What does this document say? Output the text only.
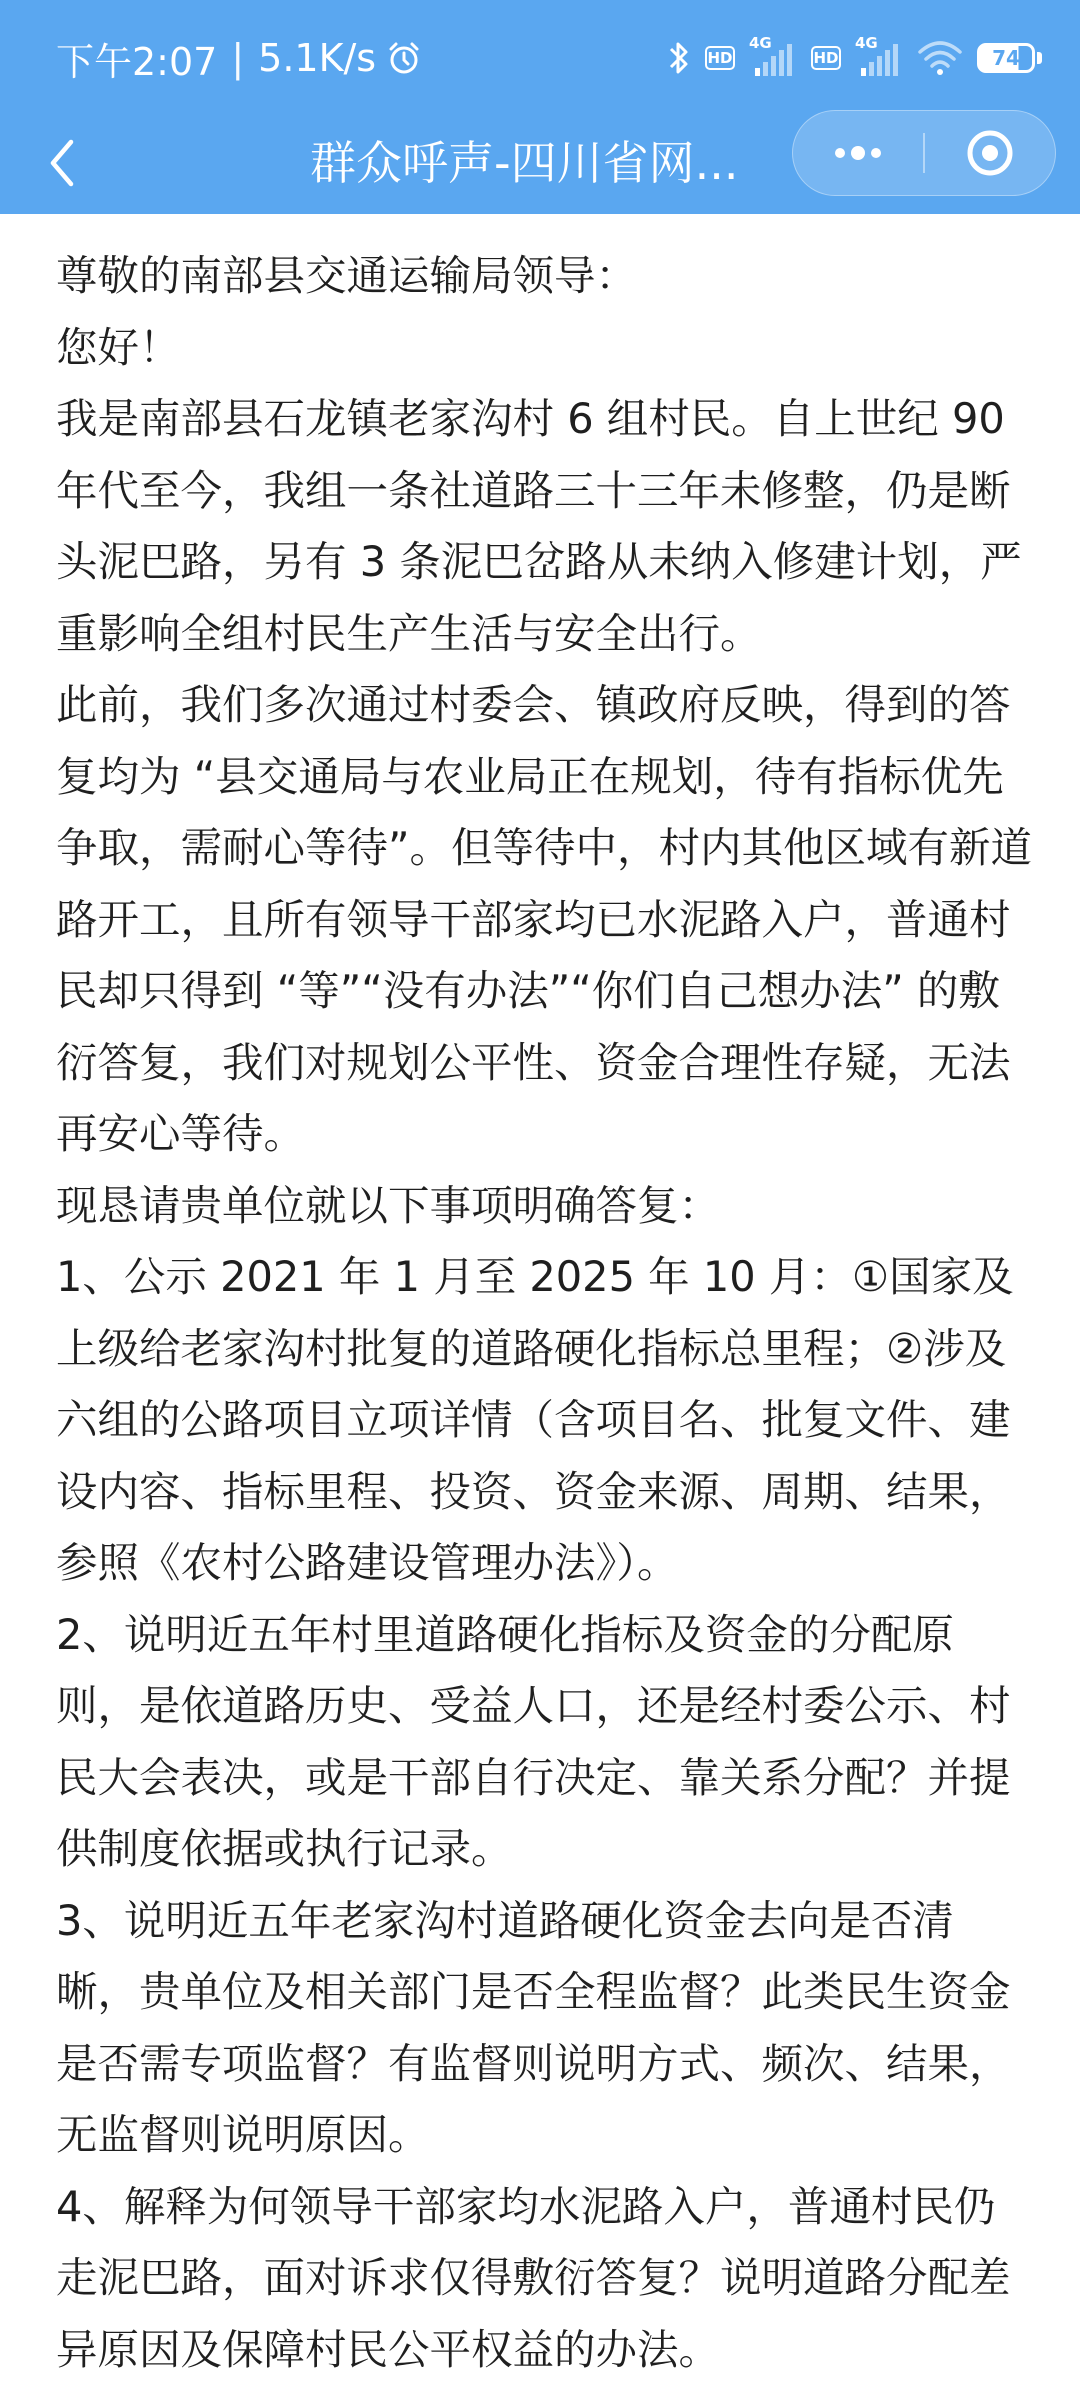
下午2:07 | 5.1K/s	HD
4G
HD
4G
74
群众呼声-四川省网...

尊敬的南部县交通运输局领导：

您好！

我是南部县石龙镇老家沟村 6 组村民。自上世纪 90 年代至今，我组一条社道路三十三年未修整，仍是断头泥巴路，另有 3 条泥巴岔路从未纳入修建计划，严重影响全组村民生产生活与安全出行。

此前，我们多次通过村委会、镇政府反映，得到的答复均为 “县交通局与农业局正在规划，待有指标优先争取，需耐心等待”。但等待中，村内其他区域有新道路开工，且所有领导干部家均已水泥路入户，普通村民却只得到 “等”“没有办法”“你们自己想办法” 的敷衍答复，我们对规划公平性、资金合理性存疑，无法再安心等待。

现恳请贵单位就以下事项明确答复：

1、公示 2021 年 1 月至 2025 年 10 月：①国家及上级给老家沟村批复的道路硬化指标总里程；②涉及六组的公路项目立项详情（含项目名、批复文件、建设内容、指标里程、投资、资金来源、周期、结果，参照《农村公路建设管理办法》）。

2、说明近五年村里道路硬化指标及资金的分配原则，是依道路历史、受益人口，还是经村委公示、村民大会表决，或是干部自行决定、靠关系分配？并提供制度依据或执行记录。

3、说明近五年老家沟村道路硬化资金去向是否清晰，贵单位及相关部门是否全程监督？此类民生资金是否需专项监督？有监督则说明方式、频次、结果，无监督则说明原因。

4、解释为何领导干部家均水泥路入户，普通村民仍走泥巴路，面对诉求仅得敷衍答复？说明道路分配差异原因及保障村民公平权益的办法。
